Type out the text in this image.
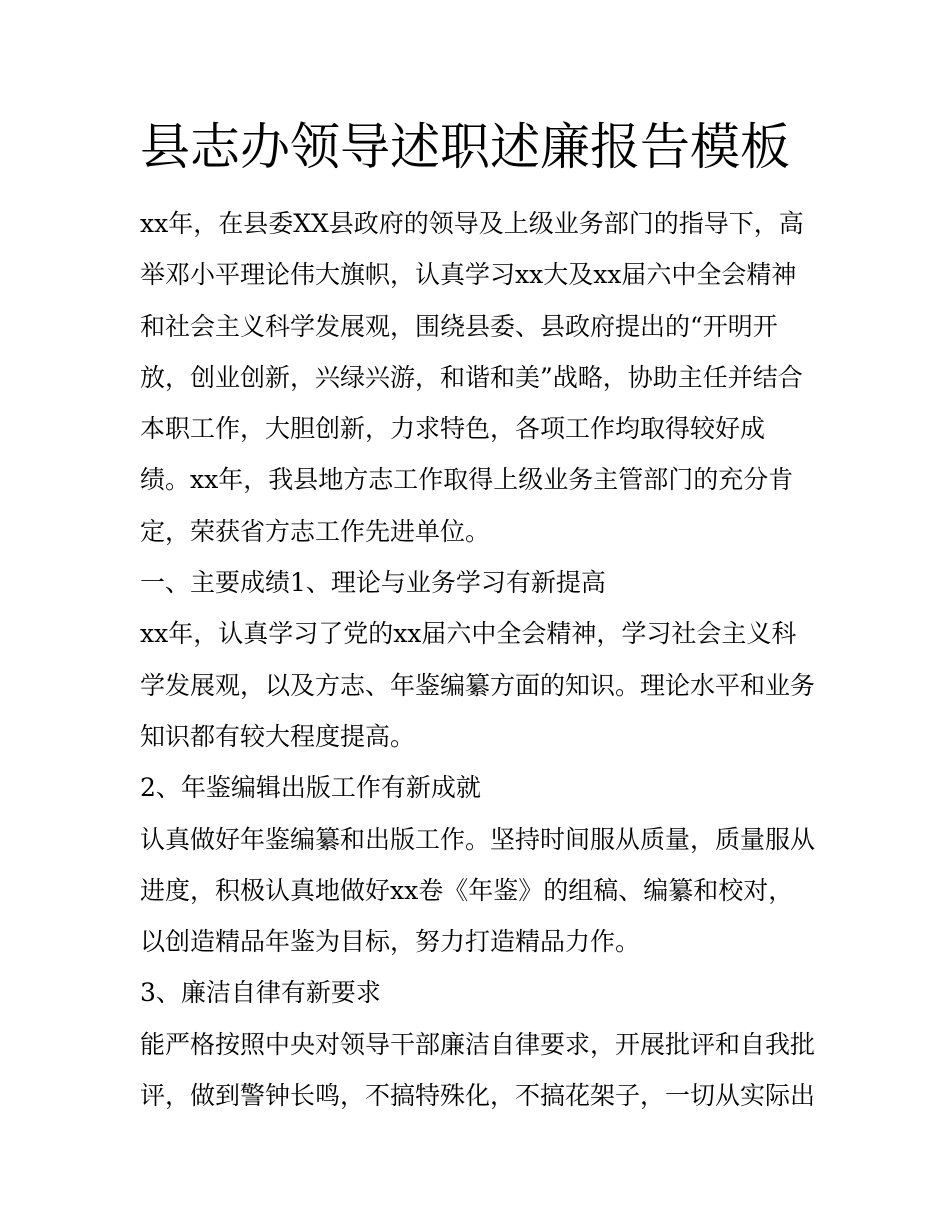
县志办领导述职述廉报告模板

xx年，在县委XX县政府的领导及上级业务部门的指导下，高

举邓小平理论伟大旗帜，认真学习xx大及xx届六中全会精神

和社会主义科学发展观，围绕县委、县政府提出的“开明开

放，创业创新，兴绿兴游，和谐和美”战略，协助主任并结合

本职工作，大胆创新，力求特色，各项工作均取得较好成

绩。xx年，我县地方志工作取得上级业务主管部门的充分肯

定，荣获省方志工作先进单位。

一、主要成绩1、理论与业务学习有新提高

xx年，认真学习了党的xx届六中全会精神，学习社会主义科

学发展观，以及方志、年鉴编纂方面的知识。理论水平和业务

知识都有较大程度提高。

2、年鉴编辑出版工作有新成就

认真做好年鉴编纂和出版工作。坚持时间服从质量，质量服从

进度，积极认真地做好xx卷《年鉴》的组稿、编纂和校对，

以创造精品年鉴为目标，努力打造精品力作。

3、廉洁自律有新要求

能严格按照中央对领导干部廉洁自律要求，开展批评和自我批

评，做到警钟长鸣，不搞特殊化，不搞花架子，一切从实际出
